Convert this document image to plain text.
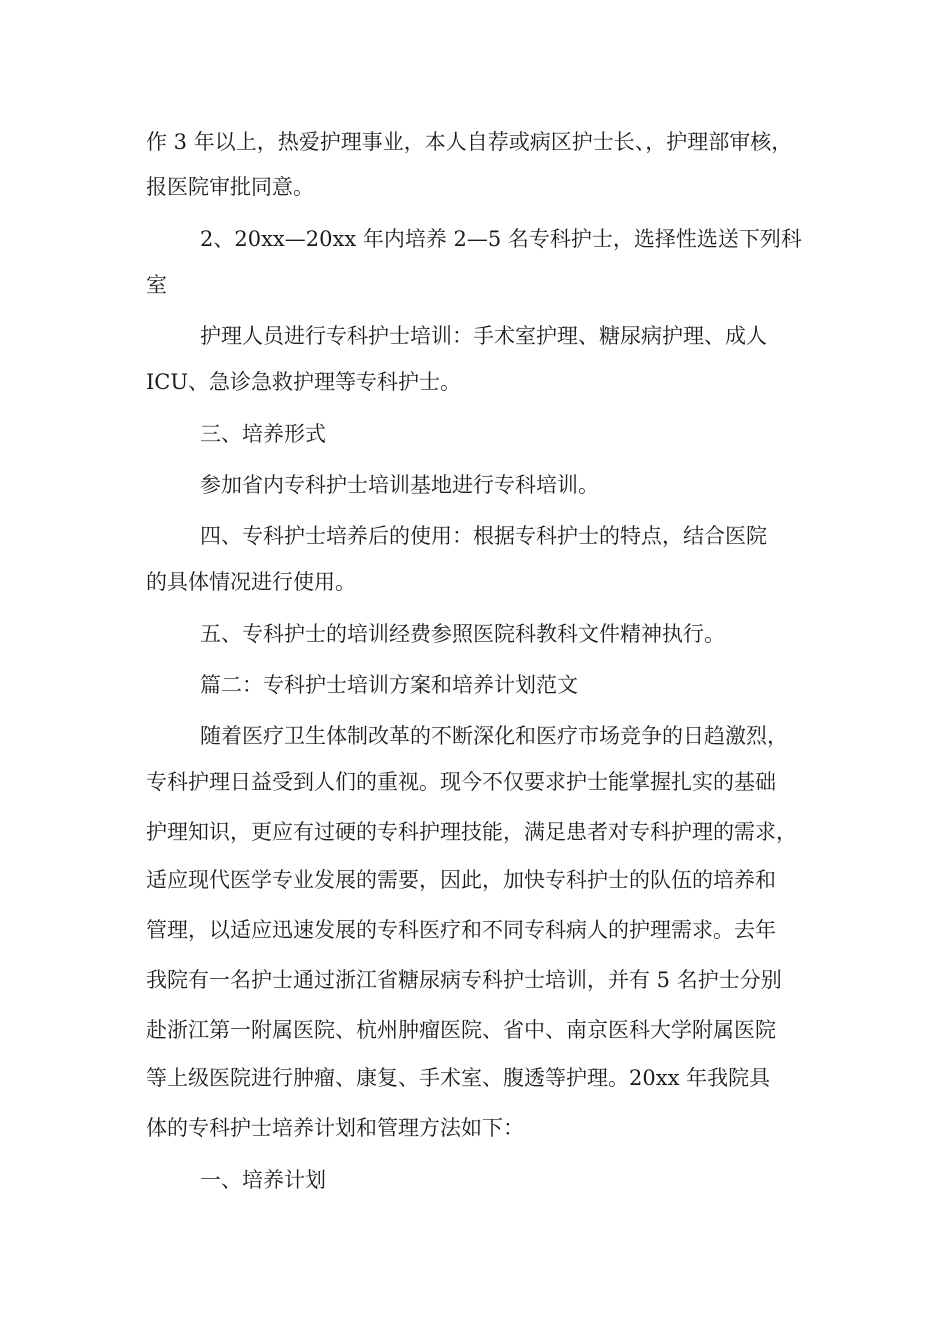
作 3 年以上，热爱护理事业，本人自荐或病区护士长、，护理部审核，
报医院审批同意。
2、20xx—20xx 年内培养 2—5 名专科护士，选择性选送下列科
室
护理人员进行专科护士培训：手术室护理、糖尿病护理、成人
ICU、急诊急救护理等专科护士。
三、培养形式
参加省内专科护士培训基地进行专科培训。
四、专科护士培养后的使用：根据专科护士的特点，结合医院
的具体情况进行使用。
五、专科护士的培训经费参照医院科教科文件精神执行。
篇二：专科护士培训方案和培养计划范文
随着医疗卫生体制改革的不断深化和医疗市场竞争的日趋激烈，
专科护理日益受到人们的重视。现今不仅要求护士能掌握扎实的基础
护理知识，更应有过硬的专科护理技能，满足患者对专科护理的需求，
适应现代医学专业发展的需要，因此，加快专科护士的队伍的培养和
管理，以适应迅速发展的专科医疗和不同专科病人的护理需求。去年
我院有一名护士通过浙江省糖尿病专科护士培训，并有 5 名护士分别
赴浙江第一附属医院、杭州肿瘤医院、省中、南京医科大学附属医院
等上级医院进行肿瘤、康复、手术室、腹透等护理。20xx 年我院具
体的专科护士培养计划和管理方法如下：
一、培养计划
